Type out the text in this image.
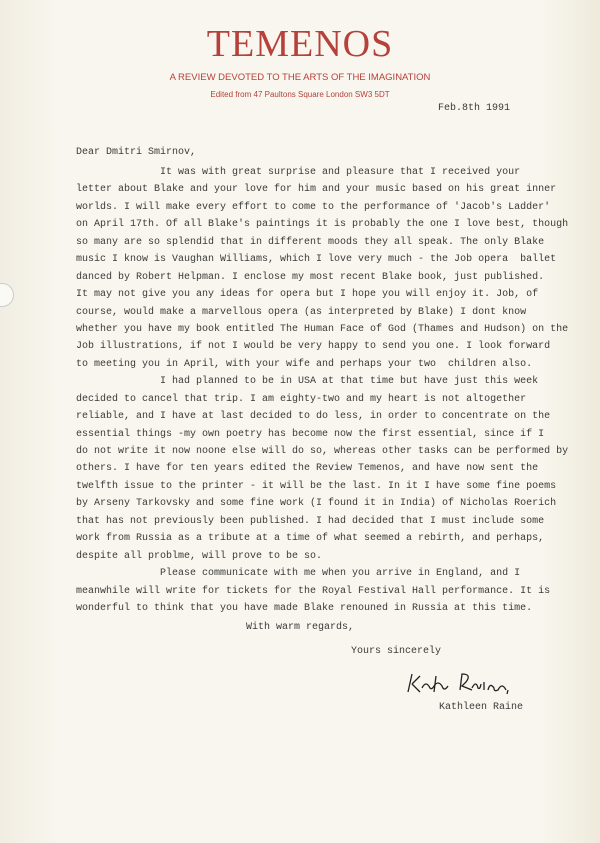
TEMENOS
A REVIEW DEVOTED TO THE ARTS OF THE IMAGINATION
Edited from 47 Paultons Square London SW3 5DT
Feb.8th 1991
Dear Dmitri Smirnov,
It was with great surprise and pleasure that I received your
letter about Blake and your love for him and your music based on his great inner
worlds. I will make every effort to come to the performance of 'Jacob's Ladder'
on April 17th. Of all Blake's paintings it is probably the one I love best, though
so many are so splendid that in different moods they all speak. The only Blake
music I know is Vaughan Williams, which I love very much - the Job opera  ballet
danced by Robert Helpman. I enclose my most recent Blake book, just published.
It may not give you any ideas for opera but I hope you will enjoy it. Job, of
course, would make a marvellous opera (as interpreted by Blake) I dont know
whether you have my book entitled The Human Face of God (Thames and Hudson) on the
Job illustrations, if not I would be very happy to send you one. I look forward
to meeting you in April, with your wife and perhaps your two  children also.
I had planned to be in USA at that time but have just this week
decided to cancel that trip. I am eighty-two and my heart is not altogether
reliable, and I have at last decided to do less, in order to concentrate on the
essential things -my own poetry has become now the first essential, since if I
do not write it now noone else will do so, whereas other tasks can be performed by
others. I have for ten years edited the Review Temenos, and have now sent the
twelfth issue to the printer - it will be the last. In it I have some fine poems
by Arseny Tarkovsky and some fine work (I found it in India) of Nicholas Roerich
that has not previously been published. I had decided that I must include some
work from Russia as a tribute at a time of what seemed a rebirth, and perhaps,
despite all problme, will prove to be so.
Please communicate with me when you arrive in England, and I
meanwhile will write for tickets for the Royal Festival Hall performance. It is
wonderful to think that you have made Blake renouned in Russia at this time.
With warm regards,
Yours sincerely
Kathleen Raine
